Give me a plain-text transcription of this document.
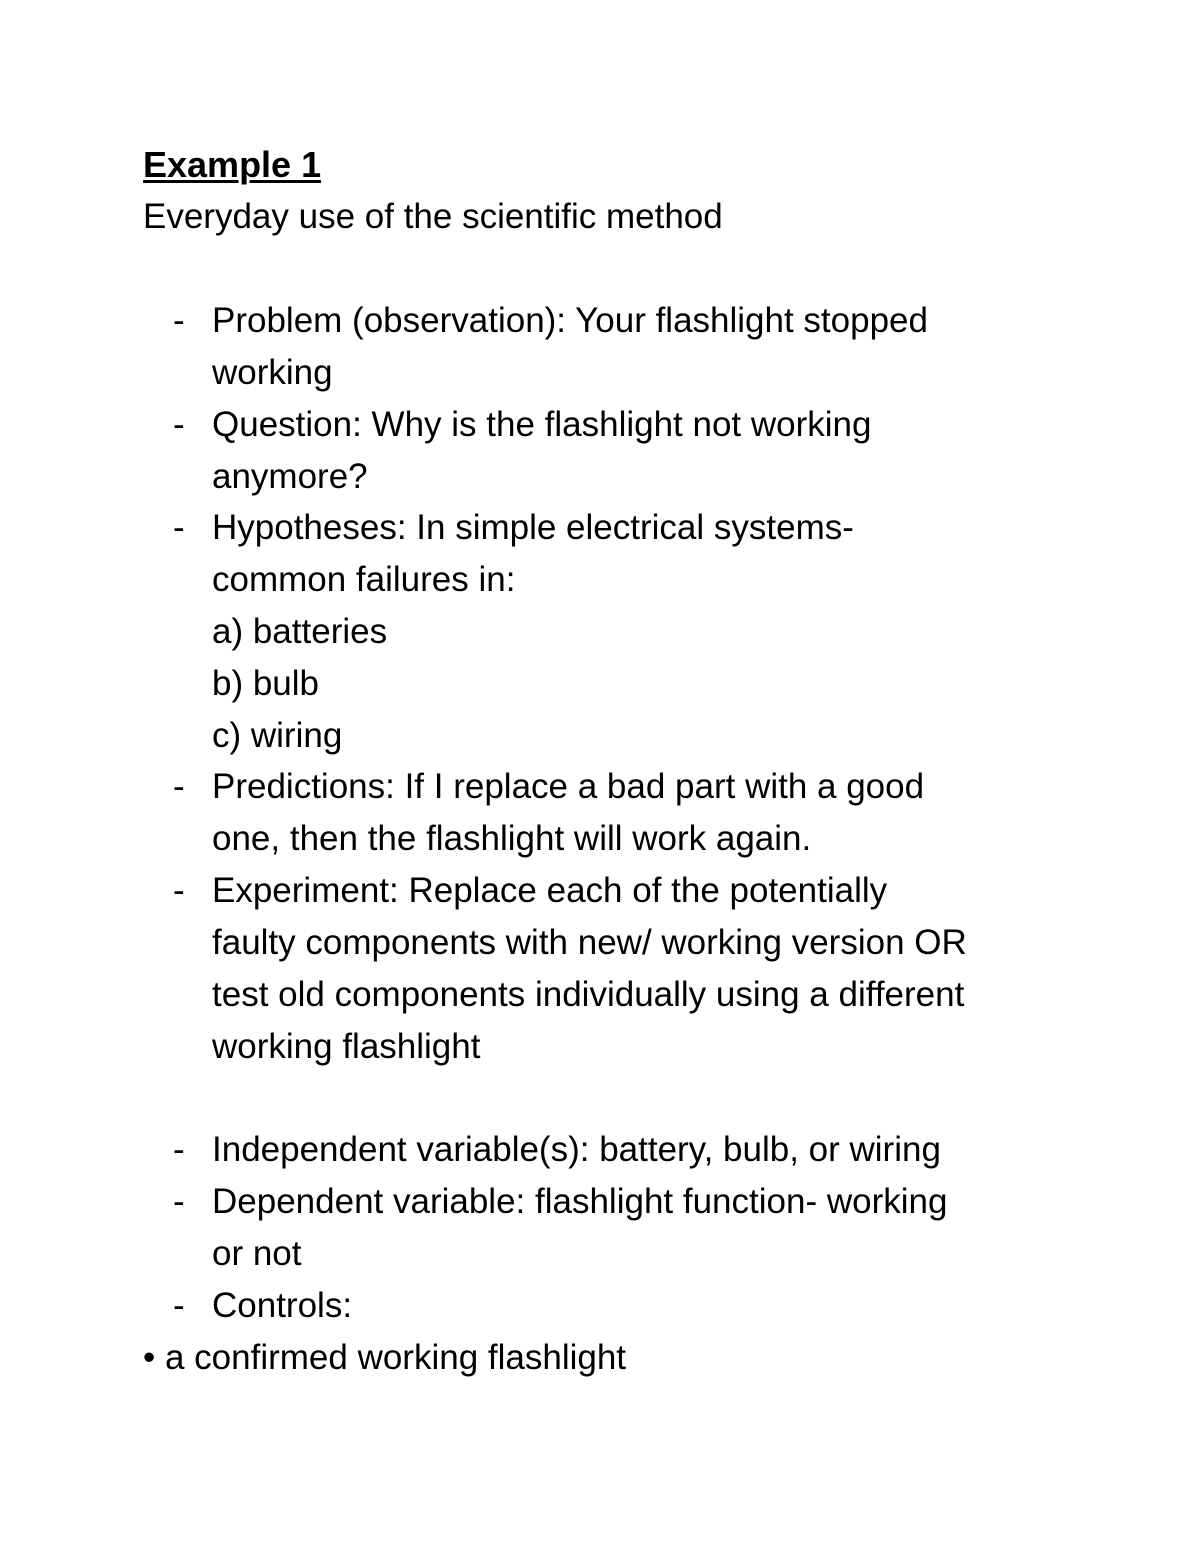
Example 1

Everyday use of the scientific method

- Problem (observation): Your flashlight stopped
working
- Question: Why is the flashlight not working
anymore?
- Hypotheses: In simple electrical systems-
common failures in:
a) batteries
b) bulb
c) wiring
- Predictions: If I replace a bad part with a good
one, then the flashlight will work again.
- Experiment: Replace each of the potentially
faulty components with new/ working version OR
test old components individually using a different
working flashlight
- Independent variable(s): battery, bulb, or wiring
- Dependent variable: flashlight function- working
or not
- Controls:

• a confirmed working flashlight
